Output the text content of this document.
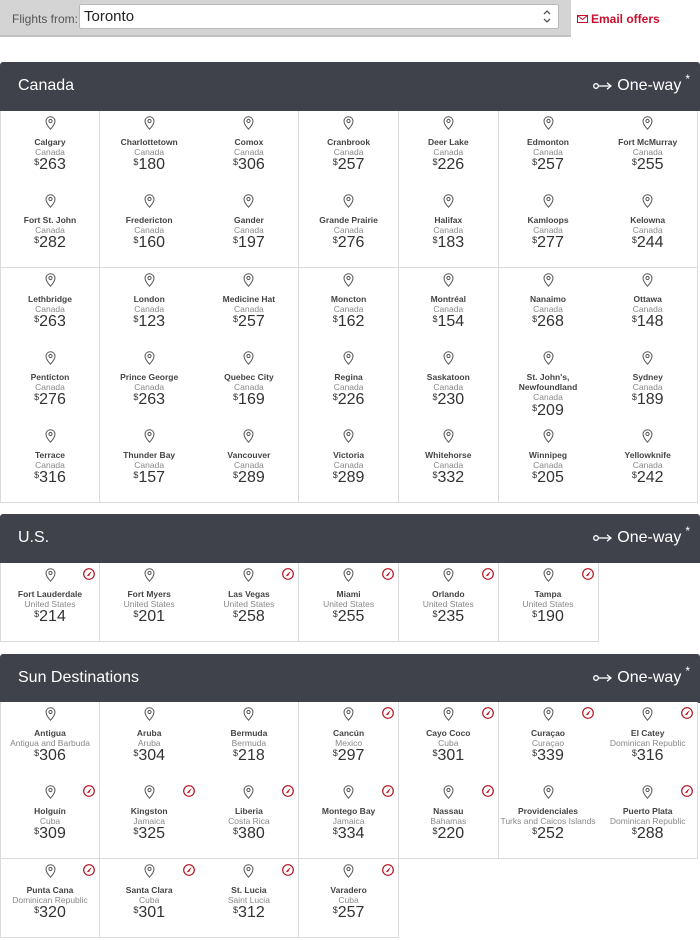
Flights from: Toronto	Email offers
Canada	One-way *
Calgary
Canada
$263
Charlottetown
Canada
$180
Comox
Canada
$306
Cranbrook
Canada
$257
Deer Lake
Canada
$226
Edmonton
Canada
$257
Fort McMurray
Canada
$255
Fort St. John
Canada
$282
Fredericton
Canada
$160
Gander
Canada
$197
Grande Prairie
Canada
$276
Halifax
Canada
$183
Kamloops
Canada
$277
Kelowna
Canada
$244
Lethbridge
Canada
$263
London
Canada
$123
Medicine Hat
Canada
$257
Moncton
Canada
$162
Montréal
Canada
$154
Nanaimo
Canada
$268
Ottawa
Canada
$148
Penticton
Canada
$276
Prince George
Canada
$263
Quebec City
Canada
$169
Regina
Canada
$226
Saskatoon
Canada
$230
St. John's, Newfoundland
Canada
$209
Sydney
Canada
$189
Terrace
Canada
$316
Thunder Bay
Canada
$157
Vancouver
Canada
$289
Victoria
Canada
$289
Whitehorse
Canada
$332
Winnipeg
Canada
$205
Yellowknife
Canada
$242
U.S.	One-way *
Fort Lauderdale
United States
$214
Fort Myers
United States
$201
Las Vegas
United States
$258
Miami
United States
$255
Orlando
United States
$235
Tampa
United States
$190
Sun Destinations	One-way *
Antigua
Antigua and Barbuda
$306
Aruba
Aruba
$304
Bermuda
Bermuda
$218
Cancún
Mexico
$297
Cayo Coco
Cuba
$301
Curaçao
Curaçao
$339
El Catey
Dominican Republic
$316
Holguín
Cuba
$309
Kingston
Jamaica
$325
Liberia
Costa Rica
$380
Montego Bay
Jamaica
$334
Nassau
Bahamas
$220
Providenciales
Turks and Caicos Islands
$252
Puerto Plata
Dominican Republic
$288
Punta Cana
Dominican Republic
$320
Santa Clara
Cuba
$301
St. Lucia
Saint Lucia
$312
Varadero
Cuba
$257
